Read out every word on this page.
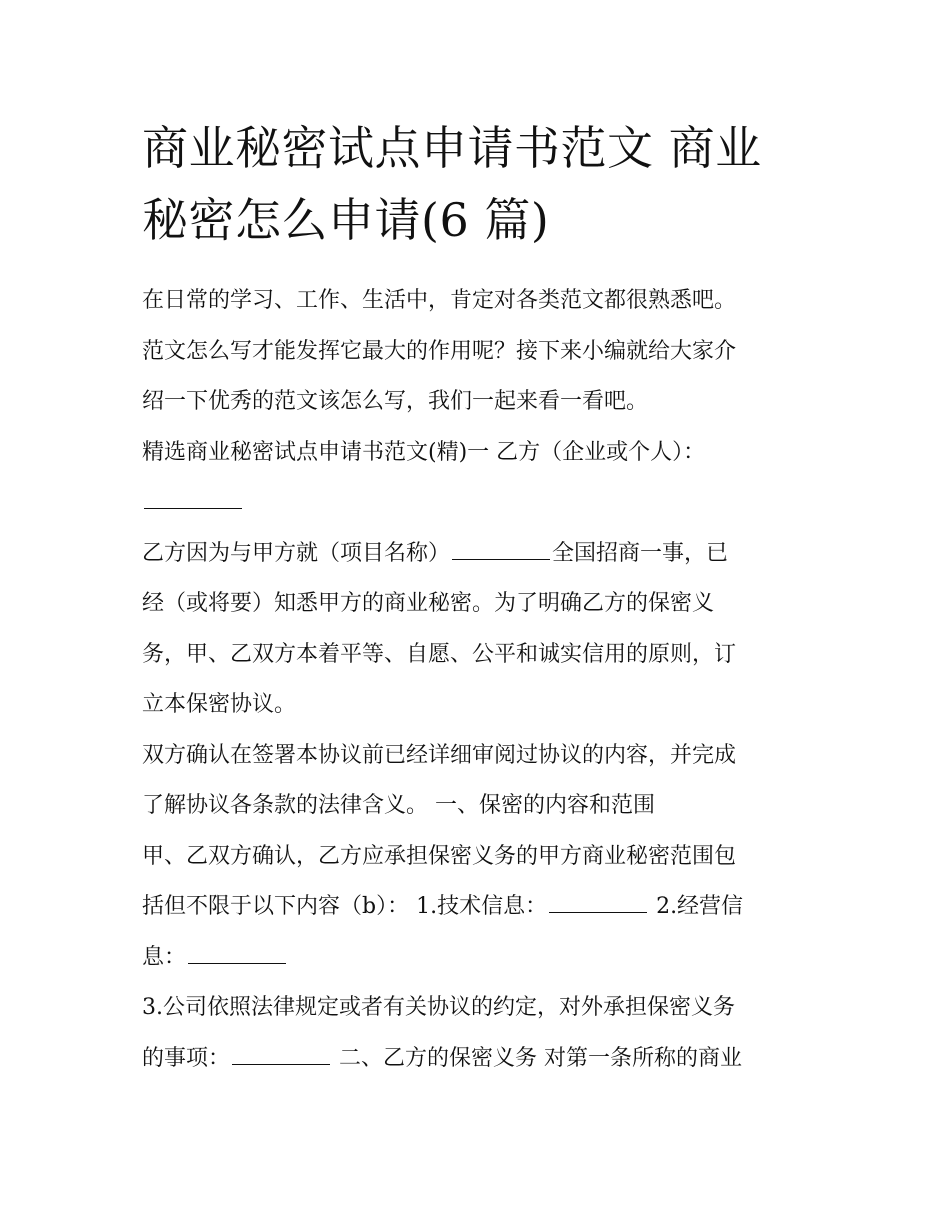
商业秘密试点申请书范文 商业
秘密怎么申请(6 篇)
在日常的学习、工作、生活中，肯定对各类范文都很熟悉吧。
范文怎么写才能发挥它最大的作用呢？接下来小编就给大家介
绍一下优秀的范文该怎么写，我们一起来看一看吧。
精选商业秘密试点申请书范文(精)一 乙方（企业或个人）：
乙方因为与甲方就（项目名称）	全国招商一事，已
经（或将要）知悉甲方的商业秘密。为了明确乙方的保密义
务，甲、乙双方本着平等、自愿、公平和诚实信用的原则，订
立本保密协议。
双方确认在签署本协议前已经详细审阅过协议的内容，并完成
了解协议各条款的法律含义。 一、保密的内容和范围
甲、乙双方确认，乙方应承担保密义务的甲方商业秘密范围包
括但不限于以下内容（b）： 1.技术信息：	2.经营信
息：
3.公司依照法律规定或者有关协议的约定，对外承担保密义务
的事项：	二、乙方的保密义务 对第一条所称的商业
